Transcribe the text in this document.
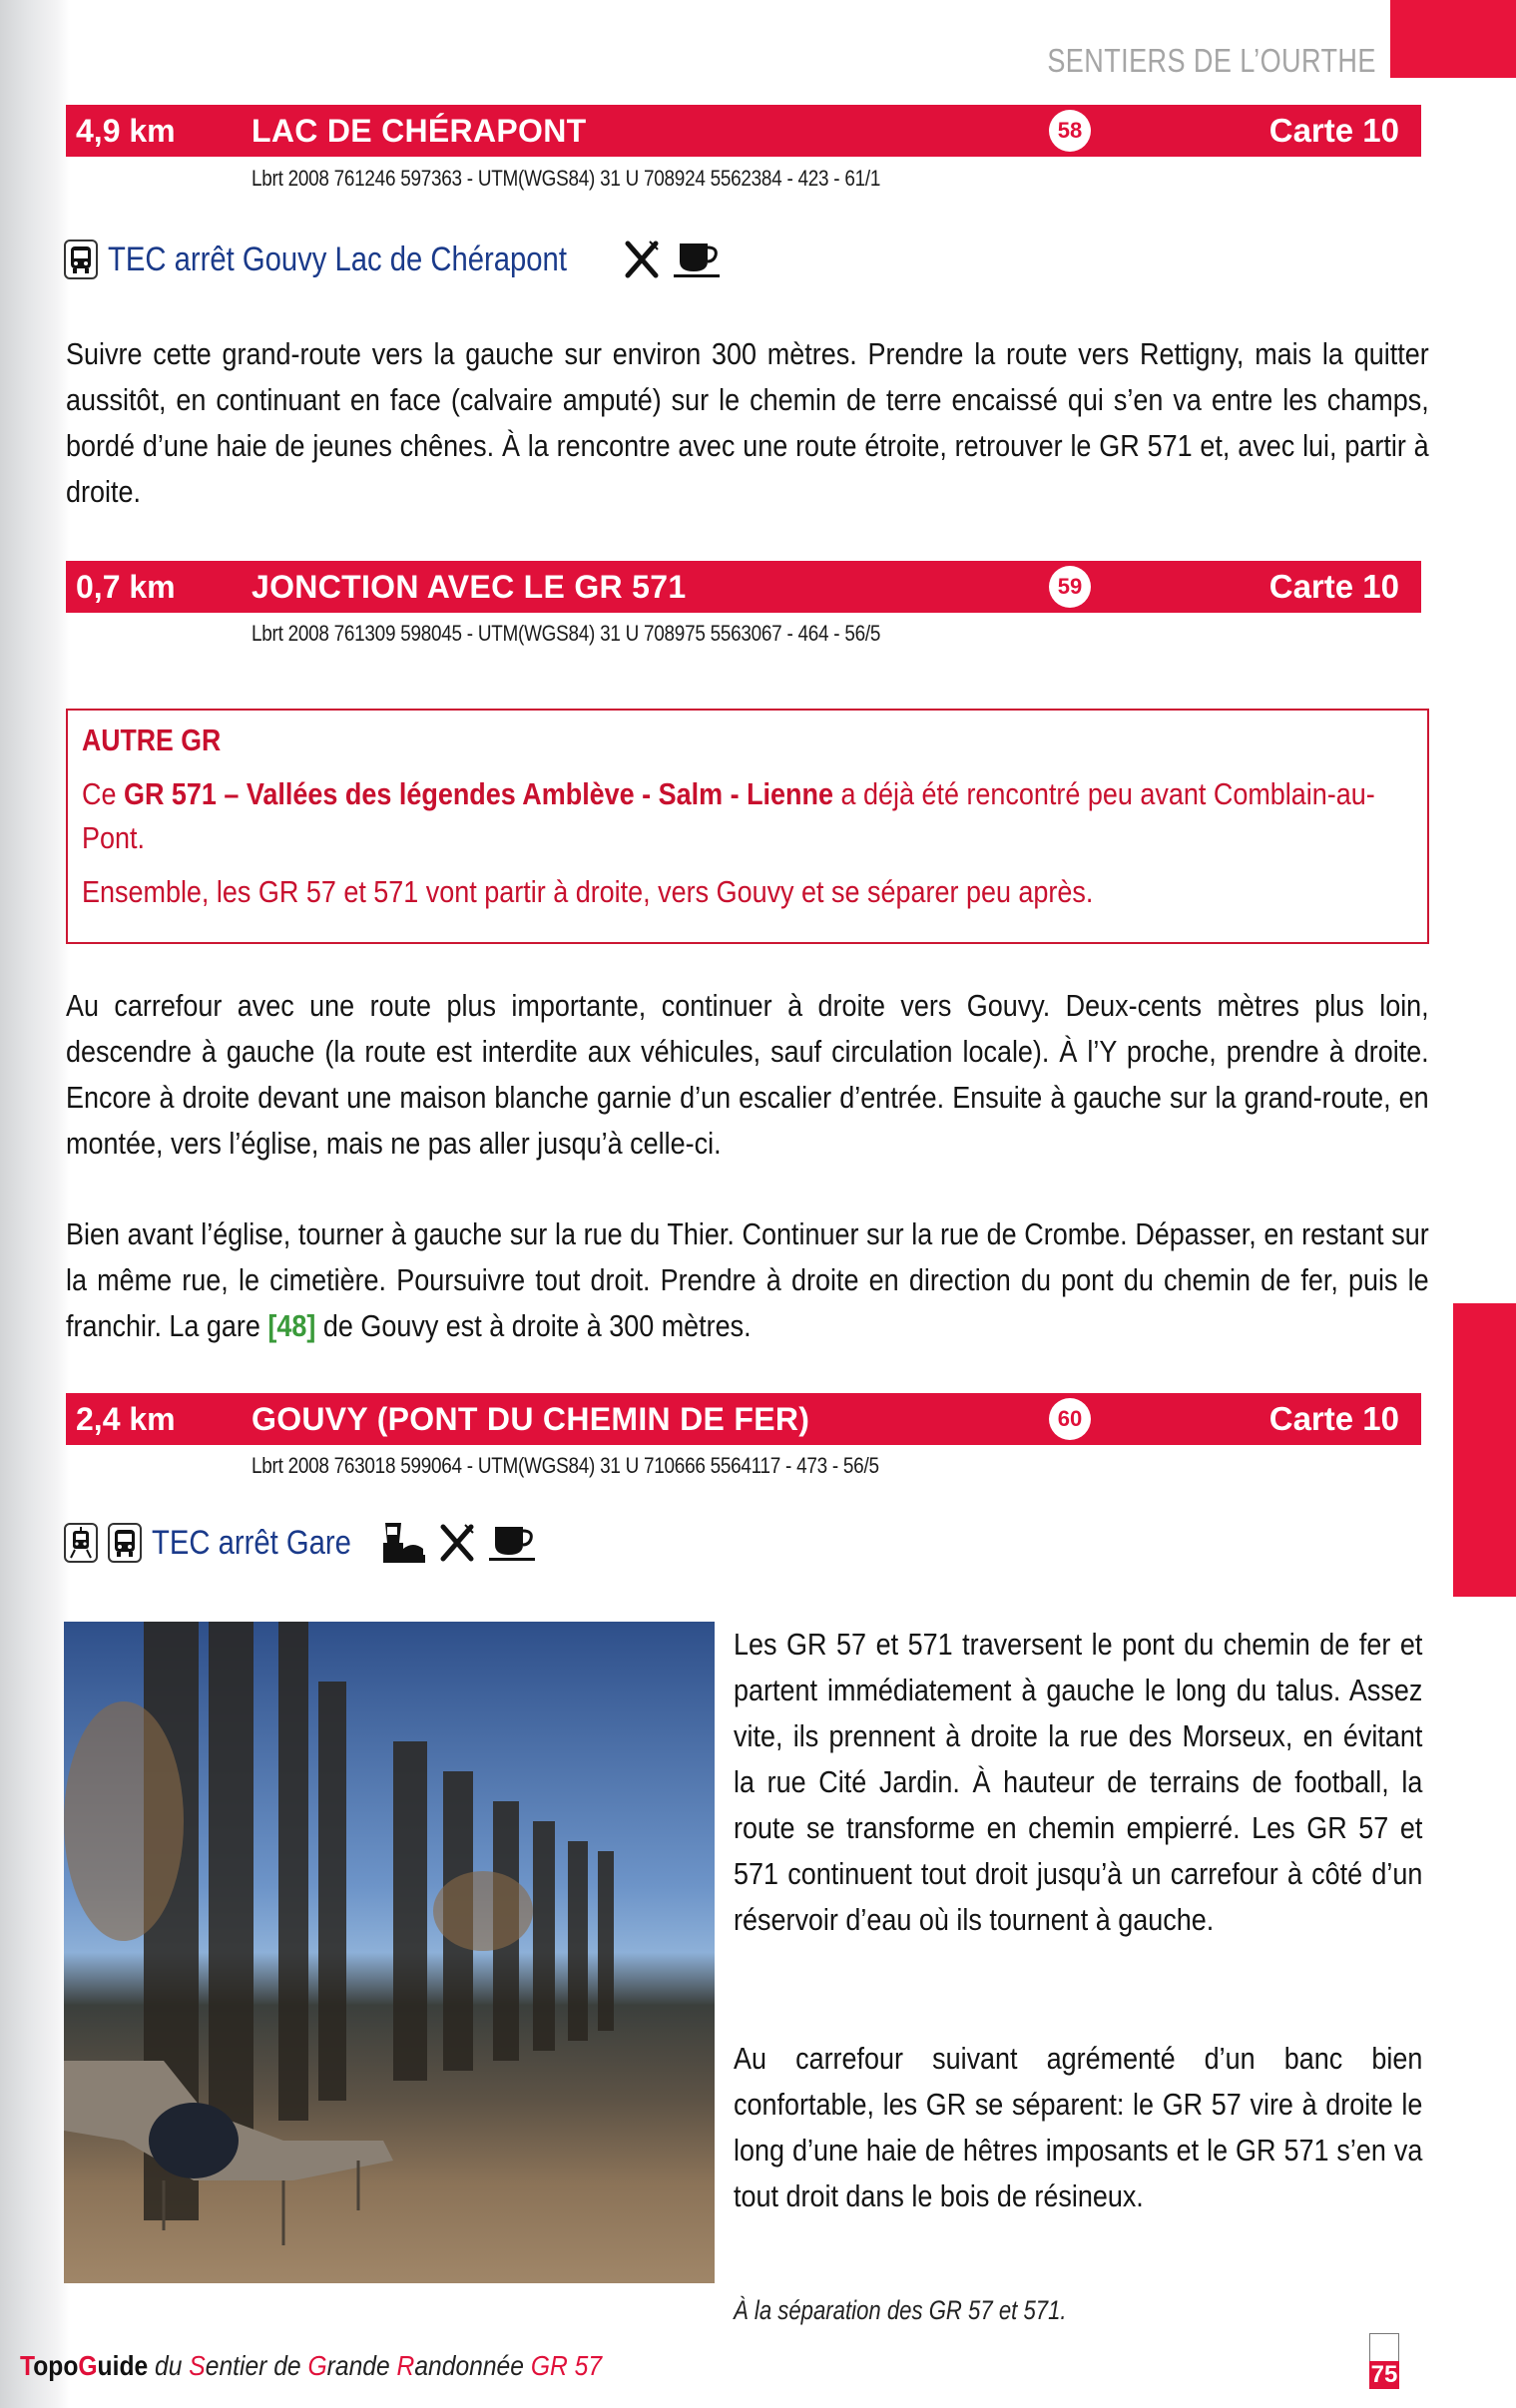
SENTIERS DE L’OURTHE
4,9 km LAC DE CHÉRAPONT	58	Carte 10
Lbrt 2008 761246 597363 - UTM(WGS84) 31 U 708924 5562384 - 423 - 61/1
TEC arrêt Gouvy Lac de Chérapont
Suivre cette grand-route vers la gauche sur environ 300 mètres. Prendre la route vers Rettigny, mais la quitter aussitôt, en continuant en face (calvaire amputé) sur le chemin de terre encaissé qui s’en va entre les champs, bordé d’une haie de jeunes chênes. À la rencontre avec une route étroite, retrouver le GR 571 et, avec lui, partir à droite.
0,7 km JONCTION AVEC LE GR 571	59	Carte 10
Lbrt 2008 761309 598045 - UTM(WGS84) 31 U 708975 5563067 - 464 - 56/5
AUTRE GR
Ce GR 571 – Vallées des légendes Amblève - Salm - Lienne a déjà été rencontré peu avant Comblain-au-Pont.
Ensemble, les GR 57 et 571 vont partir à droite, vers Gouvy et se séparer peu après.
Au carrefour avec une route plus importante, continuer à droite vers Gouvy. Deux-cents mètres plus loin, descendre à gauche (la route est interdite aux véhicules, sauf circulation locale). À l’Y proche, prendre à droite. Encore à droite devant une maison blanche garnie d’un escalier d’entrée. Ensuite à gauche sur la grand-route, en montée, vers l’église, mais ne pas aller jusqu’à celle-ci.
Bien avant l’église, tourner à gauche sur la rue du Thier. Continuer sur la rue de Crombe. Dépasser, en restant sur la même rue, le cimetière. Poursuivre tout droit. Prendre à droite en direction du pont du chemin de fer, puis le franchir. La gare [48] de Gouvy est à droite à 300 mètres.
2,4 km GOUVY (PONT DU CHEMIN DE FER)	60	Carte 10
Lbrt 2008 763018 599064 - UTM(WGS84) 31 U 710666 5564117 - 473 - 56/5
TEC arrêt Gare
Les GR 57 et 571 traversent le pont du chemin de fer et partent immédiatement à gauche le long du talus. Assez vite, ils prennent à droite la rue des Morseux, en évitant la rue Cité Jardin. À hauteur de terrains de football, la route se transforme en chemin empierré. Les GR 57 et 571 continuent tout droit jusqu’à un carrefour à côté d’un réservoir d’eau où ils tournent à gauche.
Au carrefour suivant agrémenté d’un banc bien confortable, les GR se séparent: le GR 57 vire à droite le long d’une haie de hêtres imposants et le GR 571 s’en va tout droit dans le bois de résineux.
À la séparation des GR 57 et 571.
TopoGuide du Sentier de Grande Randonnée GR 57	75
